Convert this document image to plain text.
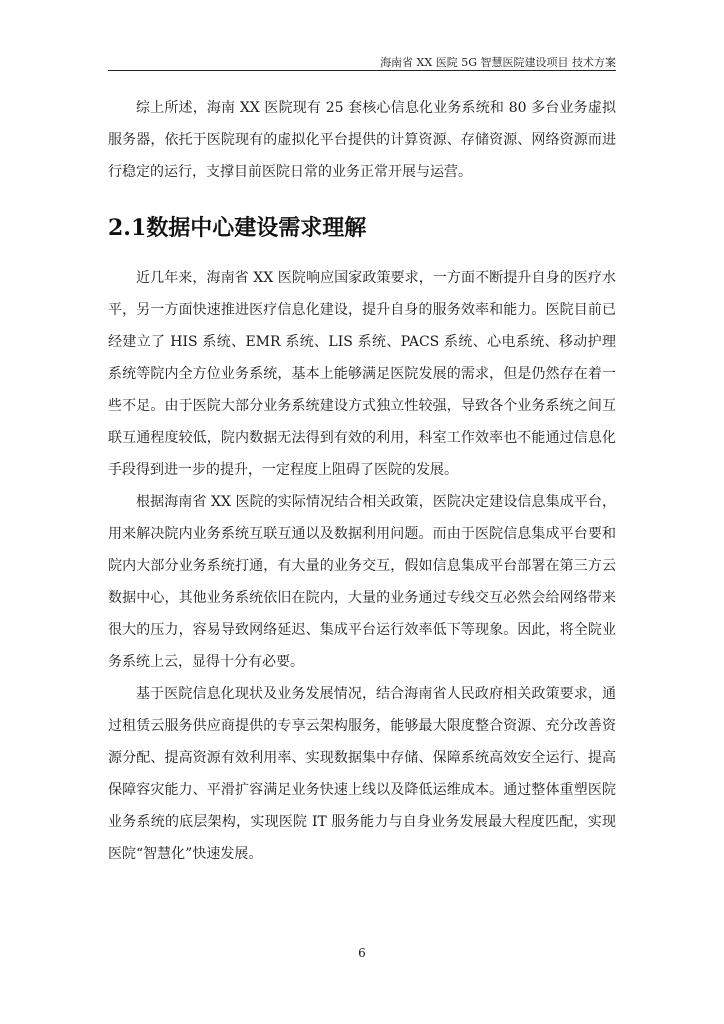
海南省 XX 医院 5G 智慧医院建设项目 技术方案

综上所述，海南 XX 医院现有 25 套核心信息化业务系统和 80 多台业务虚拟服务器，依托于医院现有的虚拟化平台提供的计算资源、存储资源、网络资源而进行稳定的运行，支撑目前医院日常的业务正常开展与运营。

2.1数据中心建设需求理解

近几年来，海南省 XX 医院响应国家政策要求，一方面不断提升自身的医疗水平，另一方面快速推进医疗信息化建设，提升自身的服务效率和能力。医院目前已经建立了 HIS 系统、EMR 系统、LIS 系统、PACS 系统、心电系统、移动护理系统等院内全方位业务系统，基本上能够满足医院发展的需求，但是仍然存在着一些不足。由于医院大部分业务系统建设方式独立性较强，导致各个业务系统之间互联互通程度较低，院内数据无法得到有效的利用，科室工作效率也不能通过信息化手段得到进一步的提升，一定程度上阻碍了医院的发展。

根据海南省 XX 医院的实际情况结合相关政策，医院决定建设信息集成平台，用来解决院内业务系统互联互通以及数据利用问题。而由于医院信息集成平台要和院内大部分业务系统打通，有大量的业务交互，假如信息集成平台部署在第三方云数据中心，其他业务系统依旧在院内，大量的业务通过专线交互必然会给网络带来很大的压力，容易导致网络延迟、集成平台运行效率低下等现象。因此，将全院业务系统上云，显得十分有必要。

基于医院信息化现状及业务发展情况，结合海南省人民政府相关政策要求，通过租赁云服务供应商提供的专享云架构服务，能够最大限度整合资源、充分改善资源分配、提高资源有效利用率、实现数据集中存储、保障系统高效安全运行、提高保障容灾能力、平滑扩容满足业务快速上线以及降低运维成本。通过整体重塑医院业务系统的底层架构，实现医院 IT 服务能力与自身业务发展最大程度匹配，实现医院“智慧化”快速发展。

6
